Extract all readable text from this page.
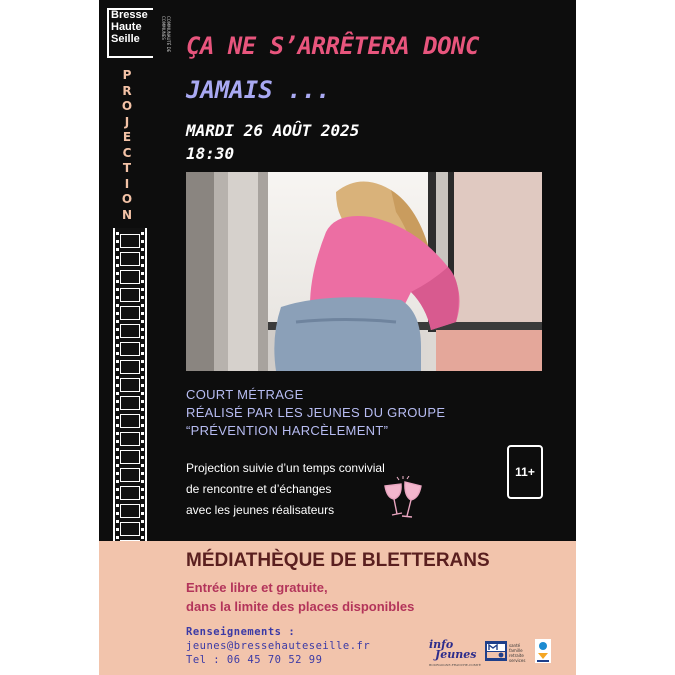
Bresse
Haute
Seille	COMMUNAUTÉ DE COMMUNES
P
R
O
J
E
C
T
I
O
N
ÇA NE S’ARRÊTERA DONC
JAMAIS ...
MARDI 26 AOÛT 2025
18:30
COURT MÉTRAGE
RÉALISÉ PAR LES JEUNES DU GROUPE
“PRÉVENTION HARCÈLEMENT”
Projection suivie d’un temps convivial
de rencontre et d’échanges
avec les jeunes réalisateurs
11+
MÉDIATHÈQUE DE BLETTERANS
Entrée libre et gratuite,
dans la limite des places disponibles
Renseignements :
jeunes@bressehauteseille.fr
Tel : 06 45 70 52 99
info
Jeunes
BOURGOGNE-FRANCHE-COMTÉ
santé
famille
retraite
services
